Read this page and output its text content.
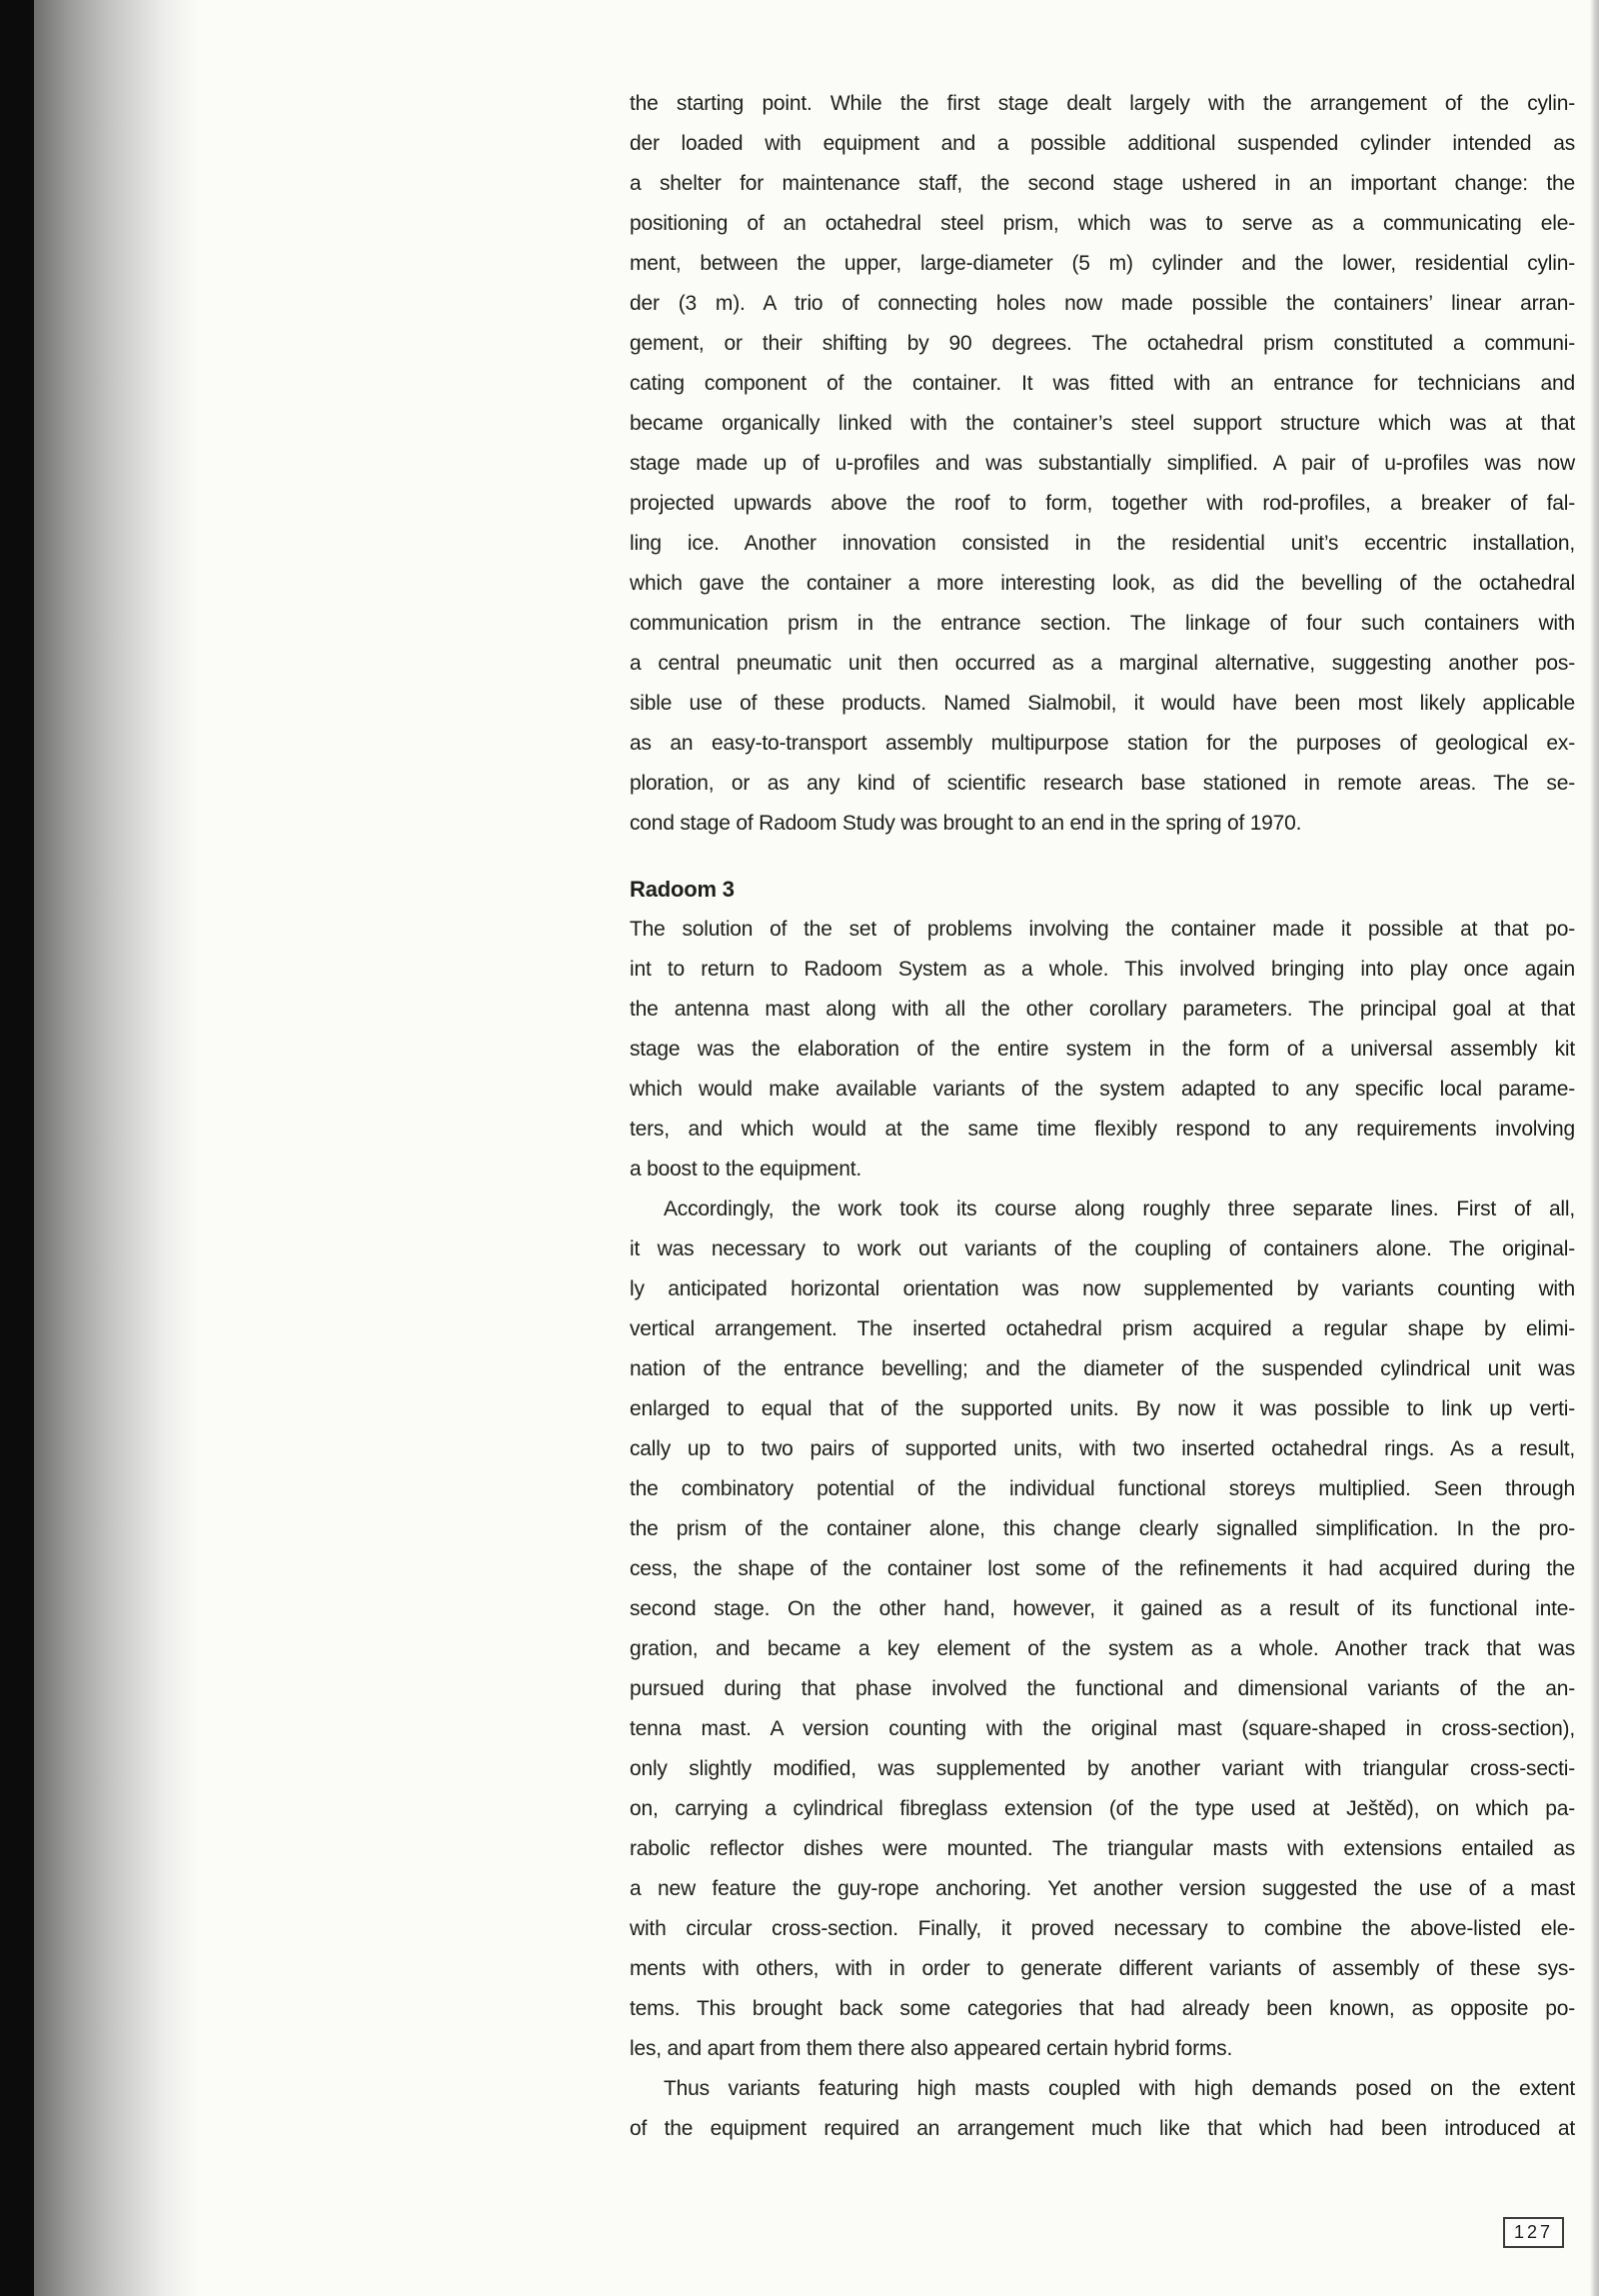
the starting point. While the first stage dealt largely with the arrangement of the cylin-
der loaded with equipment and a possible additional suspended cylinder intended as
a shelter for maintenance staff, the second stage ushered in an important change: the
positioning of an octahedral steel prism, which was to serve as a communicating ele-
ment, between the upper, large-diameter (5 m) cylinder and the lower, residential cylin-
der (3 m). A trio of connecting holes now made possible the containers’ linear arran-
gement, or their shifting by 90 degrees. The octahedral prism constituted a communi-
cating component of the container. It was fitted with an entrance for technicians and
became organically linked with the container’s steel support structure which was at that
stage made up of u-profiles and was substantially simplified. A pair of u-profiles was now
projected upwards above the roof to form, together with rod-profiles, a breaker of fal-
ling ice. Another innovation consisted in the residential unit’s eccentric installation,
which gave the container a more interesting look, as did the bevelling of the octahedral
communication prism in the entrance section. The linkage of four such containers with
a central pneumatic unit then occurred as a marginal alternative, suggesting another pos-
sible use of these products. Named Sialmobil, it would have been most likely applicable
as an easy-to-transport assembly multipurpose station for the purposes of geological ex-
ploration, or as any kind of scientific research base stationed in remote areas. The se-
cond stage of Radoom Study was brought to an end in the spring of 1970.
Radoom 3
The solution of the set of problems involving the container made it possible at that po-
int to return to Radoom System as a whole. This involved bringing into play once again
the antenna mast along with all the other corollary parameters. The principal goal at that
stage was the elaboration of the entire system in the form of a universal assembly kit
which would make available variants of the system adapted to any specific local parame-
ters, and which would at the same time flexibly respond to any requirements involving
a boost to the equipment.
Accordingly, the work took its course along roughly three separate lines. First of all,
it was necessary to work out variants of the coupling of containers alone. The original-
ly anticipated horizontal orientation was now supplemented by variants counting with
vertical arrangement. The inserted octahedral prism acquired a regular shape by elimi-
nation of the entrance bevelling; and the diameter of the suspended cylindrical unit was
enlarged to equal that of the supported units. By now it was possible to link up verti-
cally up to two pairs of supported units, with two inserted octahedral rings. As a result,
the combinatory potential of the individual functional storeys multiplied. Seen through
the prism of the container alone, this change clearly signalled simplification. In the pro-
cess, the shape of the container lost some of the refinements it had acquired during the
second stage. On the other hand, however, it gained as a result of its functional inte-
gration, and became a key element of the system as a whole. Another track that was
pursued during that phase involved the functional and dimensional variants of the an-
tenna mast. A version counting with the original mast (square-shaped in cross-section),
only slightly modified, was supplemented by another variant with triangular cross-secti-
on, carrying a cylindrical fibreglass extension (of the type used at Ještěd), on which pa-
rabolic reflector dishes were mounted. The triangular masts with extensions entailed as
a new feature the guy-rope anchoring. Yet another version suggested the use of a mast
with circular cross-section. Finally, it proved necessary to combine the above-listed ele-
ments with others, with in order to generate different variants of assembly of these sys-
tems. This brought back some categories that had already been known, as opposite po-
les, and apart from them there also appeared certain hybrid forms.
Thus variants featuring high masts coupled with high demands posed on the extent
of the equipment required an arrangement much like that which had been introduced at
127
